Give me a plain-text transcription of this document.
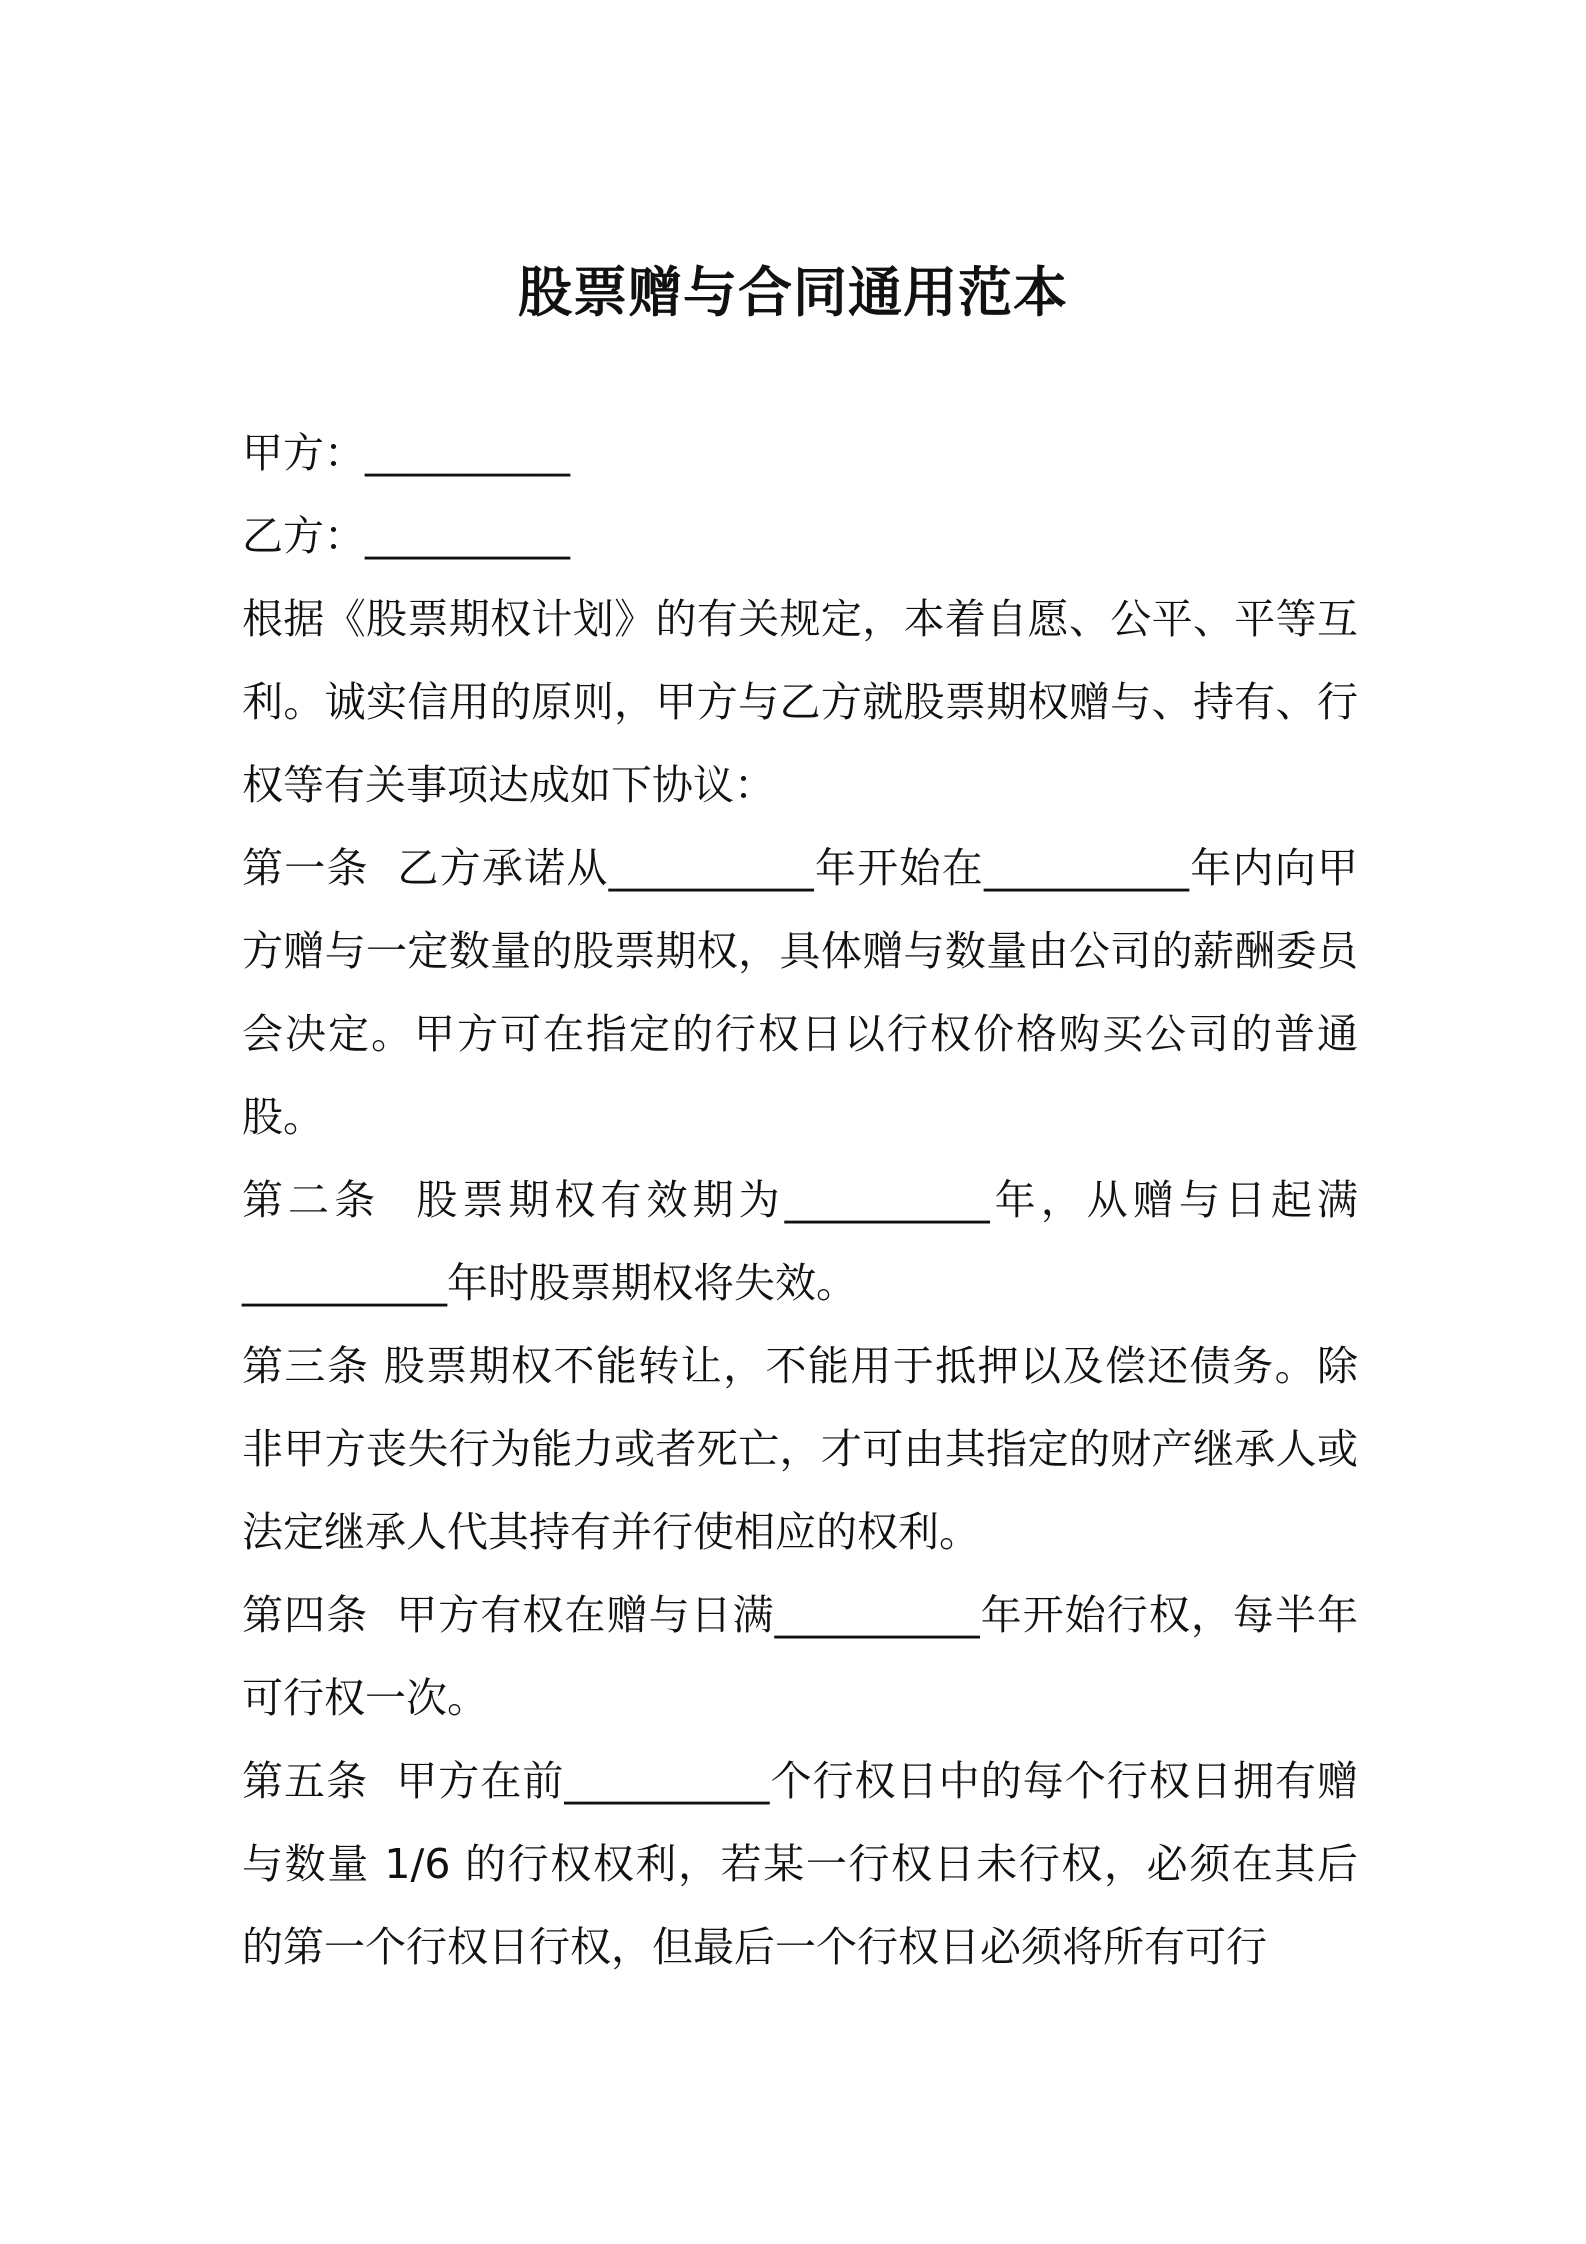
股票赠与合同通用范本

甲方：__________

乙方：__________

根据《股票期权计划》的有关规定，本着自愿、公平、平等互利。诚实信用的原则，甲方与乙方就股票期权赠与、持有、行权等有关事项达成如下协议：

第一条  乙方承诺从__________年开始在__________年内向甲方赠与一定数量的股票期权，具体赠与数量由公司的薪酬委员会决定。甲方可在指定的行权日以行权价格购买公司的普通股。

第二条  股票期权有效期为__________年，从赠与日起满__________年时股票期权将失效。

第三条 股票期权不能转让，不能用于抵押以及偿还债务。除非甲方丧失行为能力或者死亡，才可由其指定的财产继承人或法定继承人代其持有并行使相应的权利。

第四条  甲方有权在赠与日满__________年开始行权，每半年可行权一次。

第五条  甲方在前__________个行权日中的每个行权日拥有赠与数量 1/6 的行权权利，若某一行权日未行权，必须在其后的第一个行权日行权，但最后一个行权日必须将所有可行
